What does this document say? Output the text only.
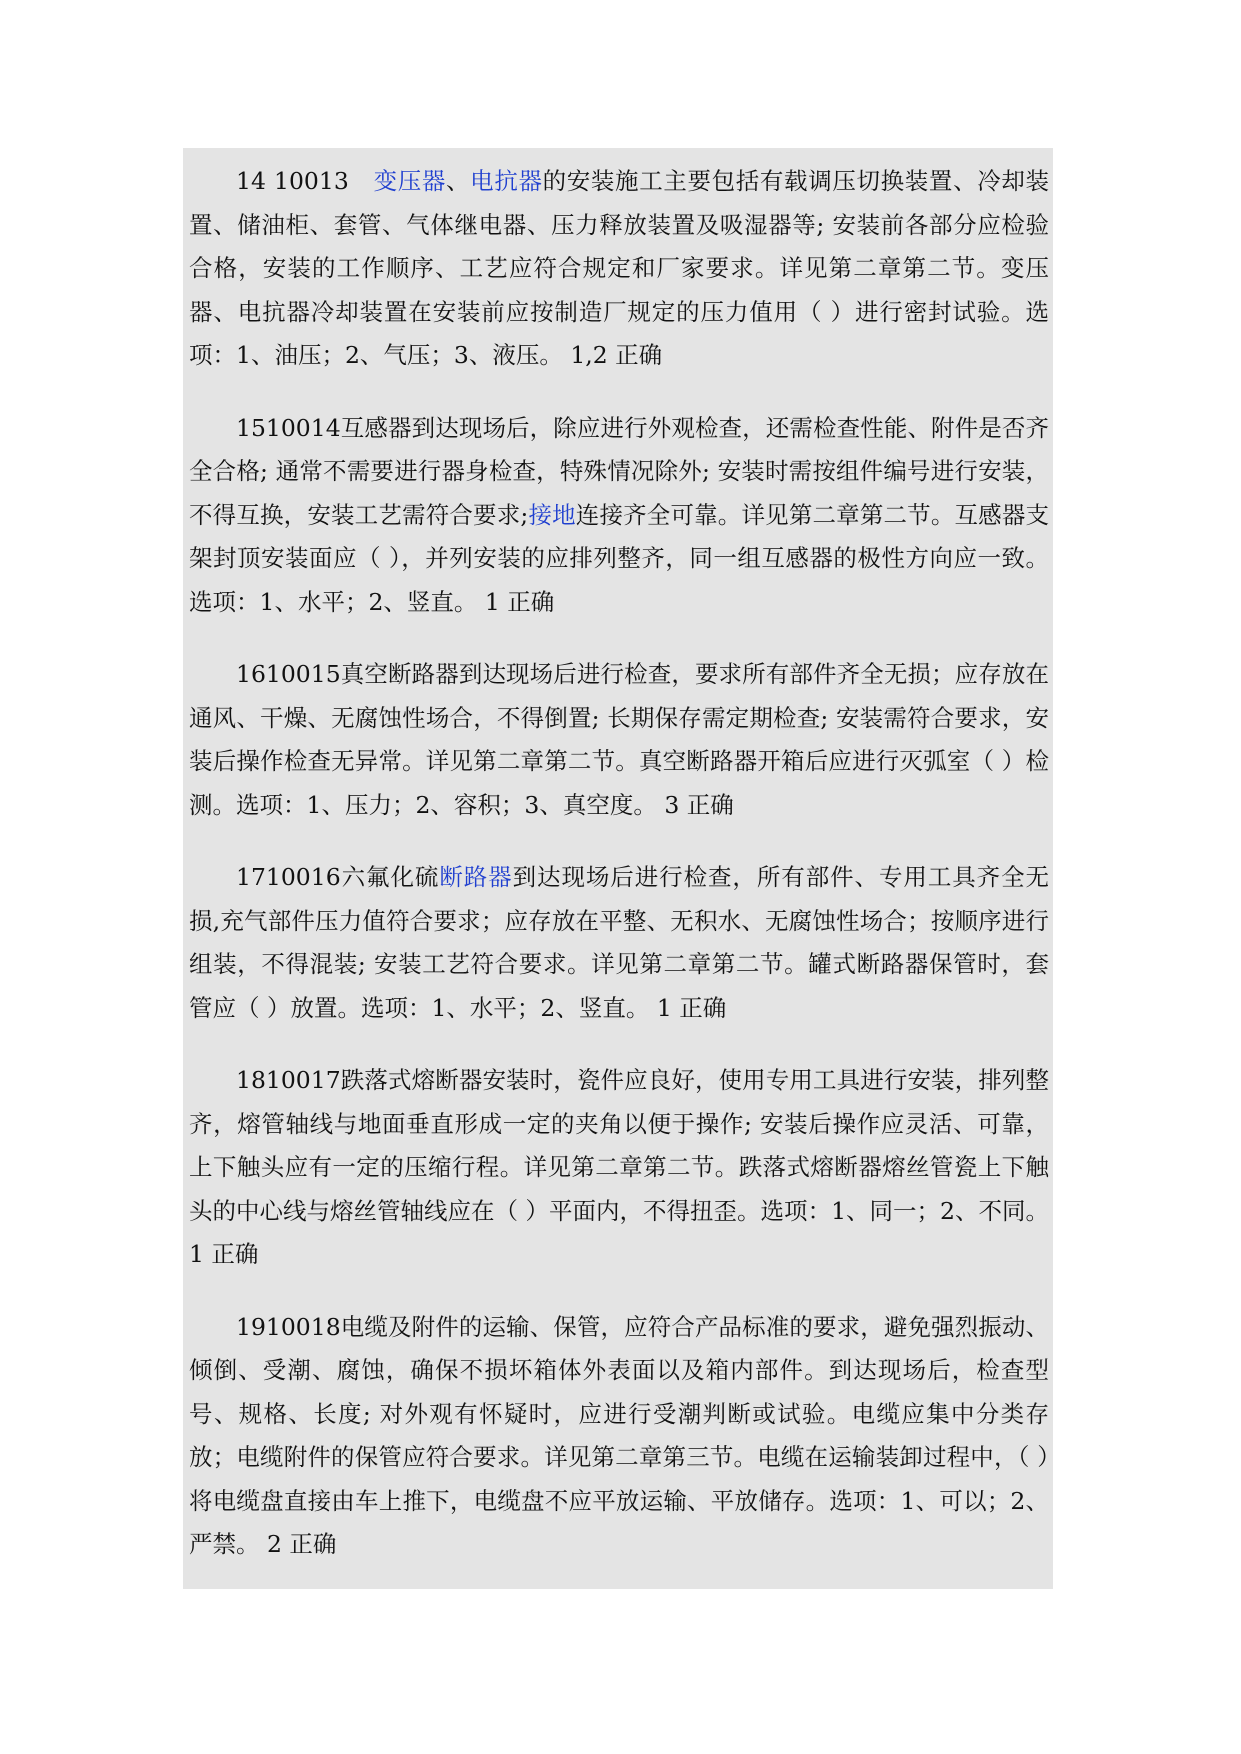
14 10013　 变压器、电抗器的安装施工主要包括有载调压切换装置、冷却装置、储油柜、套管、气体继电器、压力释放装置及吸湿器等; 安装前各部分应检验合格，安装的工作顺序、工艺应符合规定和厂家要求。详见第二章第二节。变压器、电抗器冷却装置在安装前应按制造厂规定的压力值用（ ）进行密封试验。选项：1、油压；2、气压；3、液压。 1,2 正确

1510014互感器到达现场后，除应进行外观检查，还需检查性能、附件是否齐全合格; 通常不需要进行器身检查，特殊情况除外; 安装时需按组件编号进行安装，不得互换，安装工艺需符合要求;接地连接齐全可靠。详见第二章第二节。互感器支架封顶安装面应（ ），并列安装的应排列整齐，同一组互感器的极性方向应一致。选项：1、水平；2、竖直。 1 正确

1610015真空断路器到达现场后进行检查，要求所有部件齐全无损；应存放在通风、干燥、无腐蚀性场合，不得倒置; 长期保存需定期检查; 安装需符合要求，安装后操作检查无异常。详见第二章第二节。真空断路器开箱后应进行灭弧室（ ）检测。选项：1、压力；2、容积；3、真空度。 3 正确

1710016六氟化硫断路器到达现场后进行检查，所有部件、专用工具齐全无损,充气部件压力值符合要求；应存放在平整、无积水、无腐蚀性场合；按顺序进行组装，不得混装; 安装工艺符合要求。详见第二章第二节。罐式断路器保管时，套管应（ ）放置。选项：1、水平；2、竖直。 1 正确

1810017跌落式熔断器安装时，瓷件应良好，使用专用工具进行安装，排列整齐，熔管轴线与地面垂直形成一定的夹角以便于操作; 安装后操作应灵活、可靠，上下触头应有一定的压缩行程。详见第二章第二节。跌落式熔断器熔丝管瓷上下触头的中心线与熔丝管轴线应在（ ）平面内，不得扭歪。选项：1、同一；2、不同。 1 正确

1910018电缆及附件的运输、保管，应符合产品标准的要求，避免强烈振动、倾倒、受潮、腐蚀，确保不损坏箱体外表面以及箱内部件。到达现场后，检查型号、规格、长度; 对外观有怀疑时，应进行受潮判断或试验。电缆应集中分类存放；电缆附件的保管应符合要求。详见第二章第三节。电缆在运输装卸过程中，（ ）将电缆盘直接由车上推下，电缆盘不应平放运输、平放储存。选项：1、可以；2、严禁。 2 正确
